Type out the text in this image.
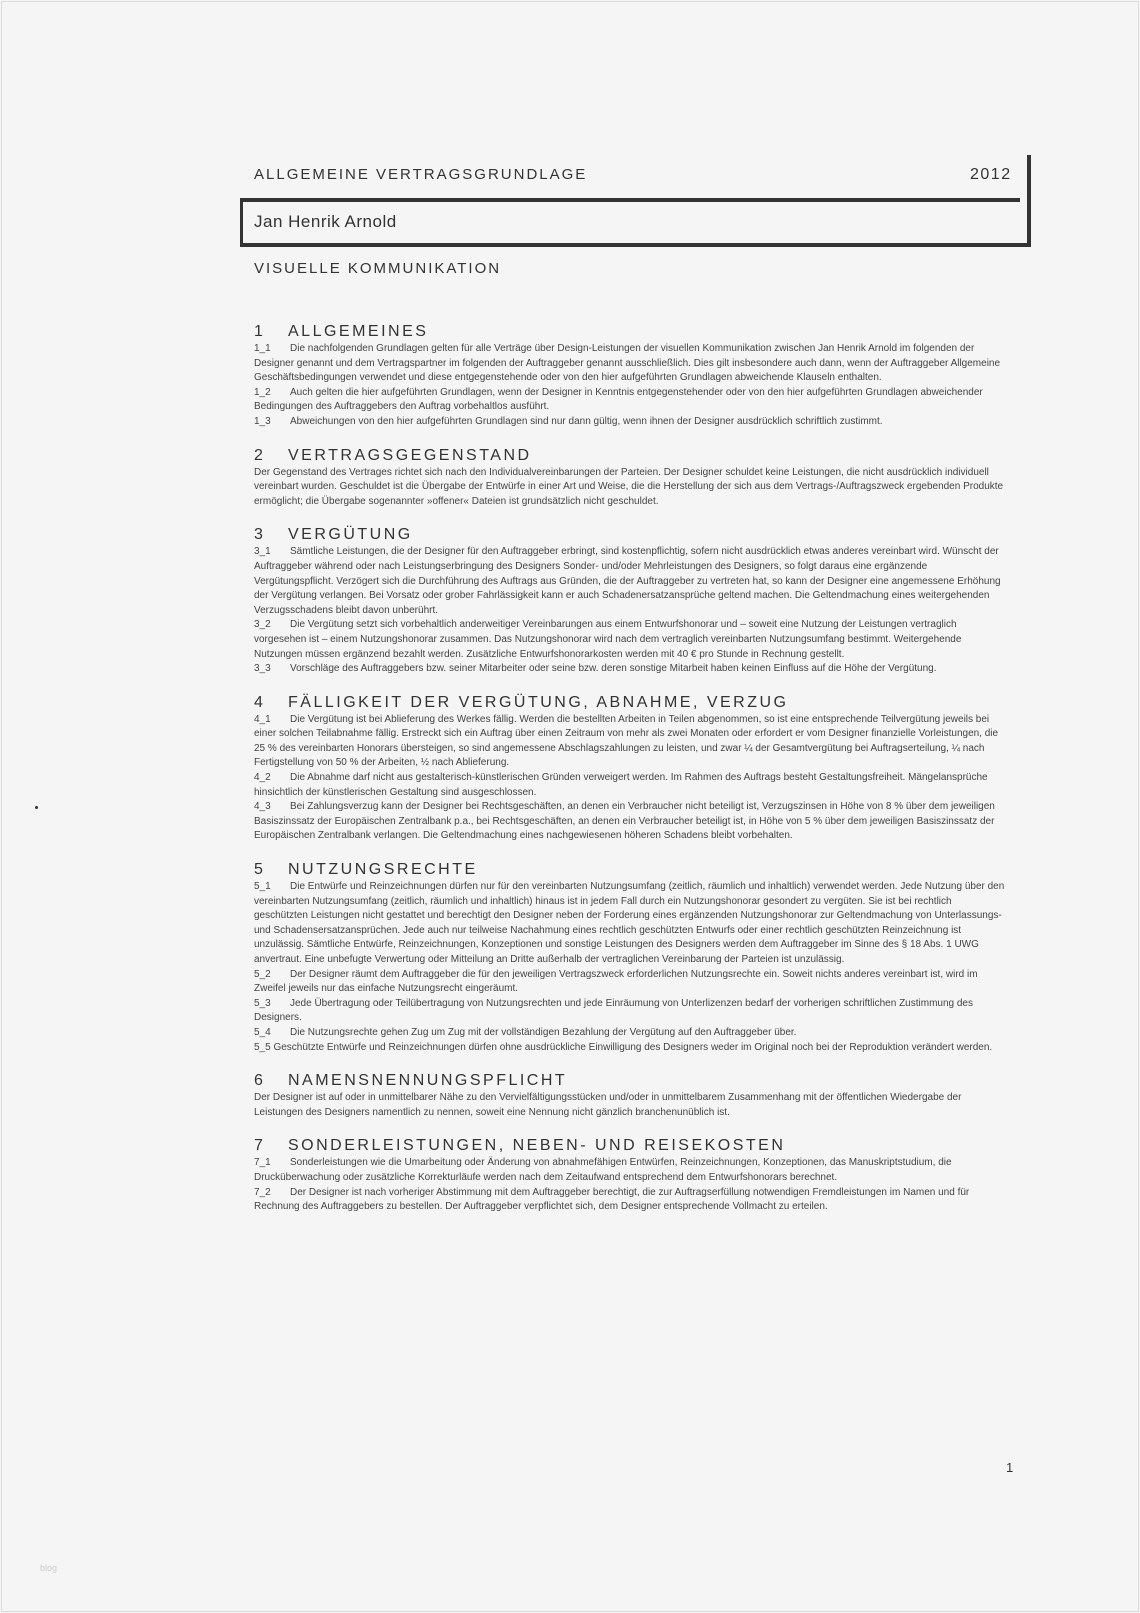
ALLGEMEINE VERTRAGSGRUNDLAGE	2012
Jan Henrik Arnold
VISUELLE KOMMUNIKATION
1 ALLGEMEINES
1_1 Die nachfolgenden Grundlagen gelten für alle Verträge über Design-Leistungen der visuellen Kommunikation zwischen Jan Henrik Arnold im folgenden der Designer genannt und dem Vertragspartner im folgenden der Auftraggeber genannt ausschließlich. Dies gilt insbesondere auch dann, wenn der Auftraggeber Allgemeine Geschäftsbedingungen verwendet und diese entgegenstehende oder von den hier aufgeführten Grundlagen abweichende Klauseln enthalten.
1_2 Auch gelten die hier aufgeführten Grundlagen, wenn der Designer in Kenntnis entgegenstehender oder von den hier aufgeführten Grundlagen abweichender Bedingungen des Auftraggebers den Auftrag vorbehaltlos ausführt.
1_3 Abweichungen von den hier aufgeführten Grundlagen sind nur dann gültig, wenn ihnen der Designer ausdrücklich schriftlich zustimmt.
2 VERTRAGSGEGENSTAND
Der Gegenstand des Vertrages richtet sich nach den Individualvereinbarungen der Parteien. Der Designer schuldet keine Leistungen, die nicht ausdrücklich individuell vereinbart wurden. Geschuldet ist die Übergabe der Entwürfe in einer Art und Weise, die die Herstellung der sich aus dem Vertrags-/Auftragszweck ergebenden Produkte ermöglicht; die Übergabe sogenannter »offener« Dateien ist grundsätzlich nicht geschuldet.
3 VERGÜTUNG
3_1 Sämtliche Leistungen, die der Designer für den Auftraggeber erbringt, sind kostenpflichtig, sofern nicht ausdrücklich etwas anderes vereinbart wird. Wünscht der Auftraggeber während oder nach Leistungserbringung des Designers Sonder- und/oder Mehrleistungen des Designers, so folgt daraus eine ergänzende Vergütungspflicht. Verzögert sich die Durchführung des Auftrags aus Gründen, die der Auftraggeber zu vertreten hat, so kann der Designer eine angemessene Erhöhung der Vergütung verlangen. Bei Vorsatz oder grober Fahrlässigkeit kann er auch Schadenersatzansprüche geltend machen. Die Geltendmachung eines weitergehenden Verzugsschadens bleibt davon unberührt.
3_2 Die Vergütung setzt sich vorbehaltlich anderweitiger Vereinbarungen aus einem Entwurfshonorar und – soweit eine Nutzung der Leistungen vertraglich vorgesehen ist – einem Nutzungshonorar zusammen. Das Nutzungshonorar wird nach dem vertraglich vereinbarten Nutzungsumfang bestimmt. Weitergehende Nutzungen müssen ergänzend bezahlt werden. Zusätzliche Entwurfshonorarkosten werden mit 40 € pro Stunde in Rechnung gestellt.
3_3 Vorschläge des Auftraggebers bzw. seiner Mitarbeiter oder seine bzw. deren sonstige Mitarbeit haben keinen Einfluss auf die Höhe der Vergütung.
4 FÄLLIGKEIT DER VERGÜTUNG, ABNAHME, VERZUG
4_1 Die Vergütung ist bei Ablieferung des Werkes fällig. Werden die bestellten Arbeiten in Teilen abgenommen, so ist eine entsprechende Teilvergütung jeweils bei einer solchen Teilabnahme fällig. Erstreckt sich ein Auftrag über einen Zeitraum von mehr als zwei Monaten oder erfordert er vom Designer finanzielle Vorleistungen, die 25 % des vereinbarten Honorars übersteigen, so sind angemessene Abschlagszahlungen zu leisten, und zwar ¼ der Gesamtvergütung bei Auftragserteilung, ¼ nach Fertigstellung von 50 % der Arbeiten, ½ nach Ablieferung.
4_2 Die Abnahme darf nicht aus gestalterisch-künstlerischen Gründen verweigert werden. Im Rahmen des Auftrags besteht Gestaltungsfreiheit. Mängelansprüche hinsichtlich der künstlerischen Gestaltung sind ausgeschlossen.
4_3 Bei Zahlungsverzug kann der Designer bei Rechtsgeschäften, an denen ein Verbraucher nicht beteiligt ist, Verzugszinsen in Höhe von 8 % über dem jeweiligen Basiszinssatz der Europäischen Zentralbank p.a., bei Rechtsgeschäften, an denen ein Verbraucher beteiligt ist, in Höhe von 5 % über dem jeweiligen Basiszinssatz der Europäischen Zentralbank verlangen. Die Geltendmachung eines nachgewiesenen höheren Schadens bleibt vorbehalten.
5 NUTZUNGSRECHTE
5_1 Die Entwürfe und Reinzeichnungen dürfen nur für den vereinbarten Nutzungsumfang (zeitlich, räumlich und inhaltlich) verwendet werden. Jede Nutzung über den vereinbarten Nutzungsumfang (zeitlich, räumlich und inhaltlich) hinaus ist in jedem Fall durch ein Nutzungshonorar gesondert zu vergüten. Sie ist bei rechtlich geschützten Leistungen nicht gestattet und berechtigt den Designer neben der Forderung eines ergänzenden Nutzungshonorar zur Geltendmachung von Unterlassungs- und Schadensersatzansprüchen. Jede auch nur teilweise Nachahmung eines rechtlich geschützten Entwurfs oder einer rechtlich geschützten Reinzeichnung ist unzulässig. Sämtliche Entwürfe, Reinzeichnungen, Konzeptionen und sonstige Leistungen des Designers werden dem Auftraggeber im Sinne des § 18 Abs. 1 UWG anvertraut. Eine unbefugte Verwertung oder Mitteilung an Dritte außerhalb der vertraglichen Vereinbarung der Parteien ist unzulässig.
5_2 Der Designer räumt dem Auftraggeber die für den jeweiligen Vertragszweck erforderlichen Nutzungsrechte ein. Soweit nichts anderes vereinbart ist, wird im Zweifel jeweils nur das einfache Nutzungsrecht eingeräumt.
5_3 Jede Übertragung oder Teilübertragung von Nutzungsrechten und jede Einräumung von Unterlizenzen bedarf der vorherigen schriftlichen Zustimmung des Designers.
5_4 Die Nutzungsrechte gehen Zug um Zug mit der vollständigen Bezahlung der Vergütung auf den Auftraggeber über.
5_5 Geschützte Entwürfe und Reinzeichnungen dürfen ohne ausdrückliche Einwilligung des Designers weder im Original noch bei der Reproduktion verändert werden.
6 NAMENSNENNUNGSPFLICHT
Der Designer ist auf oder in unmittelbarer Nähe zu den Vervielfältigungsstücken und/oder in unmittelbarem Zusammenhang mit der öffentlichen Wiedergabe der Leistungen des Designers namentlich zu nennen, soweit eine Nennung nicht gänzlich branchenunüblich ist.
7 SONDERLEISTUNGEN, NEBEN- UND REISEKOSTEN
7_1 Sonderleistungen wie die Umarbeitung oder Änderung von abnahmefähigen Entwürfen, Reinzeichnungen, Konzeptionen, das Manuskriptstudium, die Drucküberwachung oder zusätzliche Korrekturläufe werden nach dem Zeitaufwand entsprechend dem Entwurfshonorars berechnet.
7_2 Der Designer ist nach vorheriger Abstimmung mit dem Auftraggeber berechtigt, die zur Auftragserfüllung notwendigen Fremdleistungen im Namen und für Rechnung des Auftraggebers zu bestellen. Der Auftraggeber verpflichtet sich, dem Designer entsprechende Vollmacht zu erteilen.
1
blog
